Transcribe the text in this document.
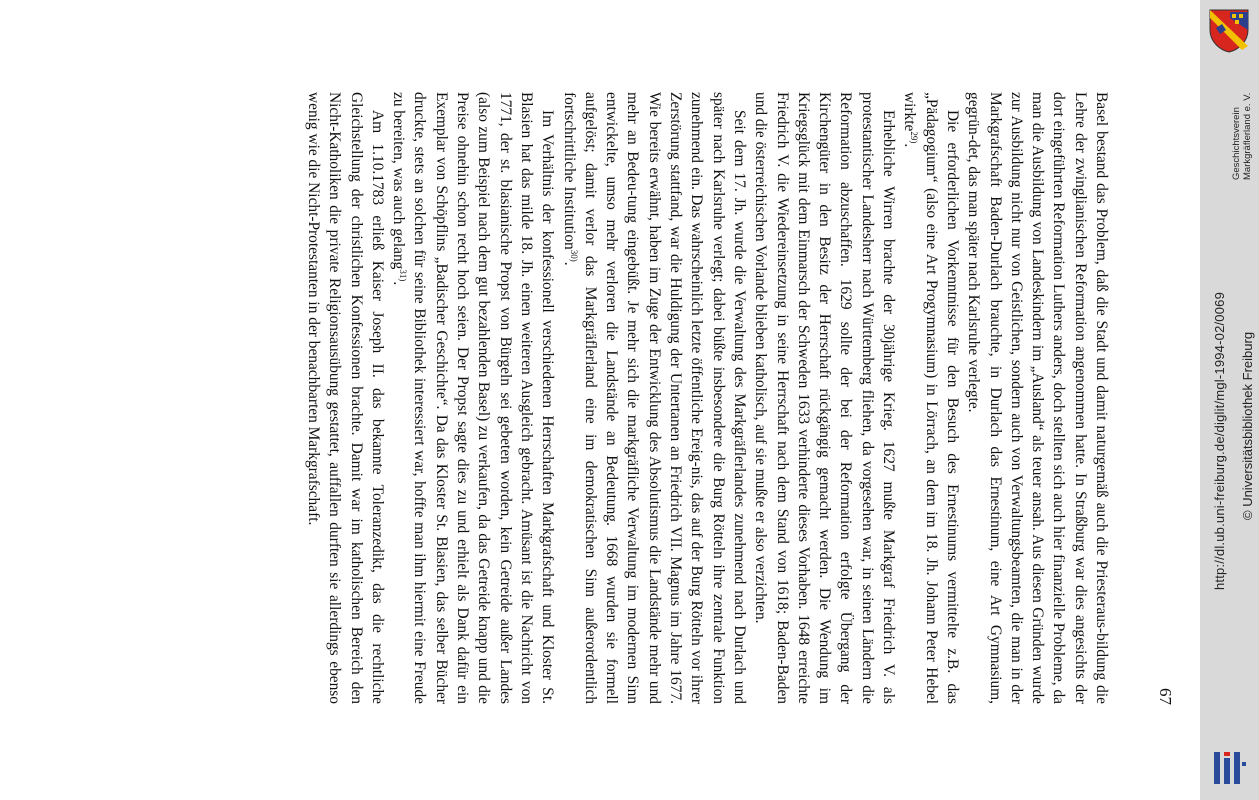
67

Basel bestand das Problem, daß die Stadt und damit naturgemäß auch die Priesteraus-bildung die Lehre der zwinglianischen Reformation angenommen hatte. In Straßburg war dies angesichts der dort eingeführten Reformation Luthers anders, doch stellten sich auch hier finanzielle Probleme, da man die Ausbildung von Landeskindern im „Ausland“ als teuer ansah. Aus diesen Gründen wurde zur Ausbildung nicht nur von Geistlichen, sondern auch von Verwaltungsbeamten, die man in der Markgrafschaft Baden-Durlach brauchte, in Durlach das Ernestinum, eine Art Gymnasium, gegrün-det, das man später nach Karlsruhe verlegte.

Die erforderlichen Vorkenntnisse für den Besuch des Ernestinums vermittelte z.B. das „Pädagogium“ (also eine Art Progymnasium) in Lörrach, an dem im 18. Jh. Johann Peter Hebel wirkte$^{29)}$.

Erhebliche Wirren brachte der 30jährige Krieg. 1627 mußte Markgraf Friedrich V. als protestantischer Landesherr nach Württemberg fliehen, da vorgesehen war, in seinen Ländern die Reformation abzuschaffen. 1629 sollte der bei der Reformation erfolgte Übergang der Kirchengüter in den Besitz der Herrschaft rückgängig gemacht werden. Die Wendung im Kriegsglück mit dem Einmarsch der Schweden 1633 verhinderte dieses Vorhaben. 1648 erreichte Friedrich V. die Wiedereinsetzung in seine Herrschaft nach dem Stand von 1618; Baden-Baden und die österreichischen Vorlande blieben katholisch, auf sie mußte er also verzichten.

Seit dem 17. Jh. wurde die Verwaltung des Markgräflerlandes zunehmend nach Durlach und später nach Karlsruhe verlegt; dabei büßte insbesondere die Burg Rötteln ihre zentrale Funktion zunehmend ein. Das wahrscheinlich letzte öffentliche Ereig-nis, das auf der Burg Rötteln vor ihrer Zerstörung stattfand, war die Huldigung der Untertanen an Friedrich VII. Magnus im Jahre 1677. Wie bereits erwähnt, haben im Zuge der Entwicklung des Absolutismus die Landstände mehr und mehr an Bedeu-tung eingebüßt. Je mehr sich die markgräfliche Verwaltung im modernen Sinn entwickelte, umso mehr verloren die Landstände an Bedeutung. 1668 wurden sie formell aufgelöst; damit verlor das Markgräflerland eine im demokratischen Sinn außerordentlich fortschrittliche Institution$^{30)}$.

Im Verhältnis der konfessionell verschiedenen Herrschaften Markgrafschaft und Kloster St. Blasien hat das milde 18. Jh. einen weiteren Ausgleich gebracht. Amüsant ist die Nachricht von 1771, der st. blasianische Propst von Bürgeln sei gebeten worden, kein Getreide außer Landes (also zum Beispiel nach dem gut bezahlenden Basel) zu verkaufen, da das Getreide knapp und die Preise ohnehin schon recht hoch seien. Der Propst sagte dies zu und erhielt als Dank dafür ein Exemplar von Schöpflins „Badischer Geschichte“. Da das Kloster St. Blasien, das selber Bücher druckte, stets an solchen für seine Bibliothek interessiert war, hoffte man ihm hiermit eine Freude zu bereiten, was auch gelang$^{31)}$.

Am 1.10.1783 erließ Kaiser Joseph II. das bekannte Toleranzedikt, das die rechtliche Gleichstellung der christlichen Konfessionen brachte. Damit war im katholischen Bereich den Nicht-Katholiken die private Religionsausübung gestattet, auffallen durften sie allerdings ebenso wenig wie die Nicht-Protestanten in der benachbarten Markgrafschaft.	Geschichtsverein Markgräflerland e. V.
http://dl.ub.uni-freiburg.de/diglit/mgl-1994-02/0069 © Universitätsbibliothek Freiburg
